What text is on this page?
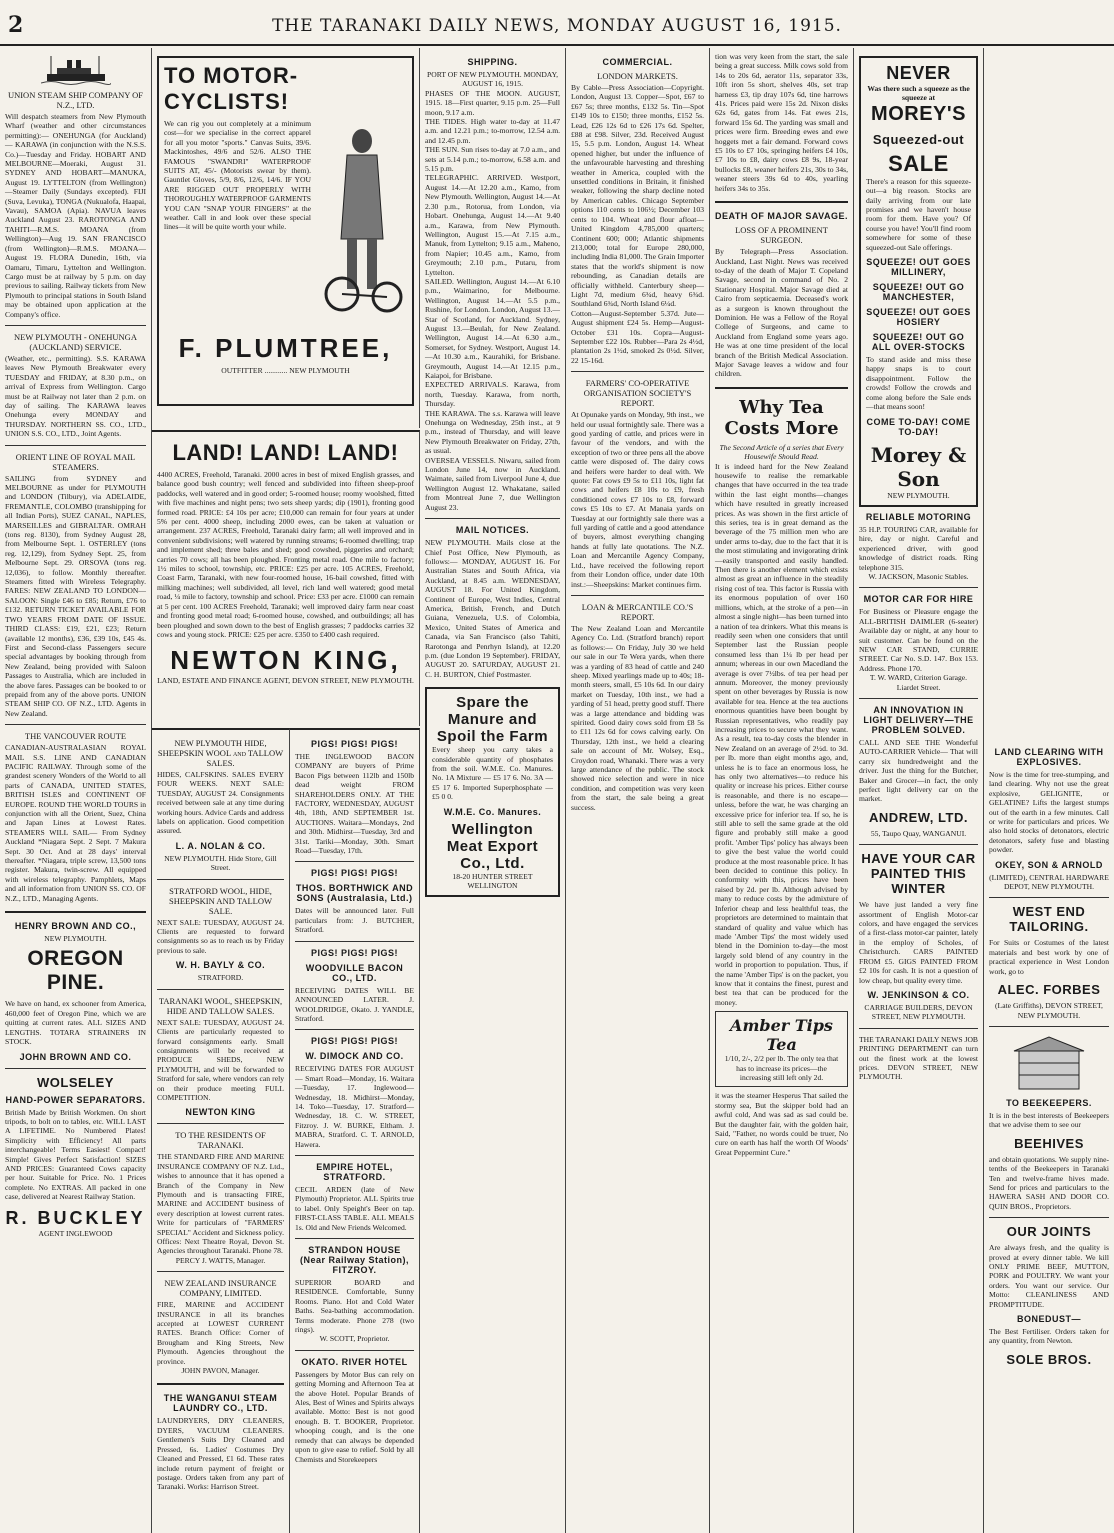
2	THE TARANAKI DAILY NEWS, MONDAY AUGUST 16, 1915.
UNION STEAM SHIP COMPANY OF N.Z., LTD.

Will despatch steamers from New Plymouth Wharf (weather and other circumstances permitting):— ONEHUNGA (for Auckland)— KARAWA (in conjunction with the N.S.S. Co.)—Tuesday and Friday. HOBART AND MELBOURNE—Moeraki, August 31. SYDNEY AND HOBART—MANUKA, August 19. LYTTELTON (from Wellington)—Steamer Daily (Sundays excepted). FIJI (Suva, Levuka), TONGA (Nukualofa, Haapai, Vavau), SAMOA (Apia). NAVUA leaves Auckland August 23. RAROTONGA AND TAHITI—R.M.S. MOANA (from Wellington)—Aug 19. SAN FRANCISCO (from Wellington)—R.M.S. MOANA—August 19. FLORA Dunedin, 16th, via Oamaru, Timaru, Lyttelton and Wellington. Cargo must be at railway by 5 p.m. on day previous to sailing. Railway tickets from New Plymouth to principal stations in South Island may be obtained upon application at the Company's office.

NEW PLYMOUTH - ONEHUNGA (AUCKLAND) SERVICE.

(Weather, etc., permitting). S.S. KARAWA leaves New Plymouth Breakwater every TUESDAY and FRIDAY, at 8.30 p.m., on arrival of Express from Wellington. Cargo must be at Railway not later than 2 p.m. on day of sailing. The KARAWA leaves Onehunga every MONDAY and THURSDAY. NORTHERN SS. CO., LTD., UNION S.S. CO., LTD., Joint Agents.

ORIENT LINE OF ROYAL MAIL STEAMERS.

SAILING from SYDNEY and MELBOURNE as under for PLYMOUTH and LONDON (Tilbury), via ADELAIDE, FREMANTLE, COLOMBO (transhipping for all Indian Ports), SUEZ CANAL, NAPLES, MARSEILLES and GIBRALTAR. OMRAH (tons reg. 8130), from Sydney August 28, from Melbourne Sept. 1. OSTERLEY (tons reg. 12,129), from Sydney Sept. 25, from Melbourne Sept. 29. ORSOVA (tons reg. 12,036), to follow. Monthly thereafter. Steamers fitted with Wireless Telegraphy. FARES: NEW ZEALAND TO LONDON—SALOON: Single £46 to £85; Return, £76 to £132. RETURN TICKET AVAILABLE FOR TWO YEARS FROM DATE OF ISSUE. THIRD CLASS: £19, £21, £23; Return (available 12 months), £36, £39 10s, £45 4s. First and Second-class Passengers secure special advantages by booking through from New Zealand, being provided with Saloon Passages to Australia, which are included in the above fares. Passages can be booked to or prepaid from any of the above ports. UNION STEAM SHIP CO. OF N.Z., LTD. Agents in New Zealand.

THE VANCOUVER ROUTE

CANADIAN-AUSTRALASIAN ROYAL MAIL S.S. LINE AND CANADIAN PACIFIC RAILWAY. Through some of the grandest scenery Wonders of the World to all parts of CANADA, UNITED STATES, BRITISH ISLES and CONTINENT OF EUROPE. ROUND THE WORLD TOURS in conjunction with all the Orient, Suez, China and Japan Lines at Lowest Rates. STEAMERS WILL SAIL— From Sydney Auckland *Niagara Sept. 2 Sept. 7 Makura Sept. 30 Oct. And at 28 days' interval thereafter. *Niagara, triple screw, 13,500 tons register. Makura, twin-screw. All equipped with wireless telegraphy. Pamphlets, Maps and all information from UNION SS. CO. OF N.Z., LTD., Managing Agents.

HENRY BROWN AND CO.,
NEW PLYMOUTH.
OREGON PINE.

We have on hand, ex schooner from America, 460,000 feet of Oregon Pine, which we are quitting at current rates. ALL SIZES AND LENGTHS. TOTARA STRAINERS IN STOCK.

JOHN BROWN AND CO.
WOLSELEY
HAND-POWER SEPARATORS.

British Made by British Workmen. On short tripods, to bolt on to tables, etc. WILL LAST A LIFETIME. No Numbered Plates! Simplicity with Efficiency! All parts interchangeable! Terms Easiest! Compact! Simple! Gives Perfect Satisfaction! SIZES AND PRICES: Guaranteed Cows capacity per hour. Suitable for Price. No. 1 Prices complete. No EXTRAS. All packed in one case, delivered at Nearest Railway Station.

R. BUCKLEY
AGENT INGLEWOOD
TO MOTOR-CYCLISTS!

We can rig you out completely at a minimum cost—for we specialise in the correct apparel for all you motor "sports." Canvas Suits, 39/6. Mackintoshes, 49/6 and 52/6. ALSO THE FAMOUS "SWANDRI" WATERPROOF SUITS AT, 45/- (Motorists swear by them). Gauntlet Gloves, 5/9, 8/6, 12/6, 14/6. IF YOU ARE RIGGED OUT PROPERLY WITH THOROUGHLY WATERPROOF GARMENTS YOU CAN "SNAP YOUR FINGERS" at the weather. Call in and look over these special lines—it will be quite worth your while.

F. PLUMTREE,
OUTFITTER ............ NEW PLYMOUTH
LAND! LAND! LAND!

4400 ACRES, Freehold, Taranaki. 2000 acres in best of mixed English grasses, and balance good bush country; well fenced and subdivided into fifteen sheep-proof paddocks, well watered and in good order; 5-roomed house; roomy woolshed, fitted with five machines and night pens; two sets sheep yards; dip (1901), fronting good formed road. PRICE: £4 10s per acre; £10,000 can remain for four years at under 5% per cent. 4000 sheep, including 2000 ewes, can be taken at valuation or arrangement. 237 ACRES, Freehold, Taranaki dairy farm; all well improved and in convenient subdivisions; well watered by running streams; 6-roomed dwelling; trap and implement shed; three bales and shed; good cowshed, piggeries and orchard; carries 70 cows; all has been ploughed. Fronting metal road. One mile to factory; 1½ miles to school, township, etc. PRICE: £25 per acre. 105 ACRES, Freehold, Coast Farm, Taranaki, with new four-roomed house, 16-bail cowshed, fitted with milking machines; well subdivided, all level, rich land well watered; good metal road, ¼ mile to factory, township and school. Price: £33 per acre. £1000 can remain at 5 per cent. 100 ACRES Freehold, Taranaki; well improved dairy farm near coast and fronting good metal road; 6-roomed house, cowshed, and outbuildings; all has been ploughed and sown down to the best of English grasses; 7 paddocks carries 32 cows and young stock. PRICE: £25 per acre. £350 to £400 cash required.

NEWTON KING,
LAND, ESTATE AND FINANCE AGENT, DEVON STREET, NEW PLYMOUTH.
NEW PLYMOUTH HIDE, SHEEPSKIN WOOL and TALLOW SALES.

HIDES, CALFSKINS. SALES EVERY FOUR WEEKS. NEXT SALE: TUESDAY, AUGUST 24. Consignments received between sale at any time during working hours. Advice Cards and address labels on application. Good competition assured.

L. A. NOLAN & CO.
NEW PLYMOUTH. Hide Store, Gill Street.
STRATFORD WOOL, HIDE, SHEEPSKIN AND TALLOW SALE.

NEXT SALE: TUESDAY, AUGUST 24. Clients are requested to forward consignments so as to reach us by Friday previous to sale.

W. H. BAYLY & CO.
STRATFORD.
TARANAKI WOOL, SHEEPSKIN, HIDE AND TALLOW SALES.

NEXT SALE: TUESDAY, AUGUST 24. Clients are particularly requested to forward consignments early. Small consignments will be received at PRODUCE SHEDS, NEW PLYMOUTH, and will be forwarded to Stratford for sale, where vendors can rely on their produce meeting FULL COMPETITION.

NEWTON KING
TO THE RESIDENTS OF TARANAKI.

THE STANDARD FIRE AND MARINE INSURANCE COMPANY OF N.Z. Ltd., wishes to announce that it has opened a Branch of the Company in New Plymouth and is transacting FIRE, MARINE and ACCIDENT business of every description at lowest current rates. Write for particulars of "FARMERS' SPECIAL" Accident and Sickness policy. Offices: Next Theatre Royal, Devon St. Agencies throughout Taranaki. Phone 78.

PERCY J. WATTS, Manager.
NEW ZEALAND INSURANCE COMPANY, LIMITED.

FIRE, MARINE and ACCIDENT INSURANCE in all its branches accepted at LOWEST CURRENT RATES. Branch Office: Corner of Brougham and King Streets, New Plymouth. Agencies throughout the province.

JOHN PAVON, Manager.
THE WANGANUI STEAM LAUNDRY CO., LTD.

LAUNDRYERS, DRY CLEANERS, DYERS, VACUUM CLEANERS. Gentlemen's Suits Dry Cleaned and Pressed, 6s. Ladies' Costumes Dry Cleaned and Pressed, £1 6d. These rates include return payment of freight or postage. Orders taken from any part of Taranaki. Works: Harrison Street.

PIGS! PIGS! PIGS!

THE INGLEWOOD BACON COMPANY are buyers of Prime Bacon Pigs between 112lb and 150lb dead weight FROM SHAREHOLDERS ONLY. AT THE FACTORY, WEDNESDAY, AUGUST 4th, 18th, AND SEPTEMBER 1st. AUCTIONS. Waitara—Mondays, 2nd and 30th. Midhirst—Tuesday, 3rd and 31st. Tariki—Monday, 30th. Smart Road—Tuesday, 17th.

PIGS! PIGS! PIGS!
THOS. BORTHWICK AND SONS (Australasia, Ltd.)

Dates will be announced later. Full particulars from: J. BUTCHER, Stratford.

PIGS! PIGS! PIGS!
WOODVILLE BACON CO., LTD.

RECEIVING DATES WILL BE ANNOUNCED LATER. J. WOOLDRIDGE, Okato. J. YANDLE, Stratford.

PIGS! PIGS! PIGS!
W. DIMOCK AND CO.

RECEIVING DATES FOR AUGUST— Smart Road—Monday, 16. Waitara—Tuesday, 17. Inglewood—Wednesday, 18. Midhirst—Monday, 14. Toko—Tuesday, 17. Stratford—Wednesday, 18. C. W. STREET, Fitzroy. J. W. BURKE, Eltham. J. MABRA, Stratford. C. T. ARNOLD, Hawera.

EMPIRE HOTEL, STRATFORD.

CECIL ARDEN (late of New Plymouth) Proprietor. ALL Spirits true to label. Only Speight's Beer on tap. FIRST-CLASS TABLE. ALL MEALS 1s. Old and New Friends Welcomed.

STRANDON HOUSE (Near Railway Station), FITZROY.

SUPERIOR BOARD and RESIDENCE. Comfortable, Sunny Rooms. Piano. Hot and Cold Water Baths. Sea-bathing accommodation. Terms moderate. Phone 278 (two rings).

W. SCOTT, Proprietor.
OKATO. RIVER HOTEL

Passengers by Motor Bus can rely on getting Morning and Afternoon Tea at the above Hotel. Popular Brands of Ales, Best of Wines and Spirits always available. Motto: Best is not good enough. B. T. BOOKER, Proprietor. whooping cough, and is the one remedy that can always be depended upon to give ease to relief. Sold by all Chemists and Storekeepers

SHIPPING.

PORT OF NEW PLYMOUTH. MONDAY, AUGUST 16, 1915.

PHASES OF THE MOON. AUGUST, 1915. 18—First quarter, 9.15 p.m. 25—Full moon, 9.17 a.m.

THE TIDES. High water to-day at 11.47 a.m. and 12.21 p.m.; to-morrow, 12.54 a.m. and 12.45 p.m.

THE SUN. Sun rises to-day at 7.0 a.m., and sets at 5.14 p.m.; to-morrow, 6.58 a.m. and 5.15 p.m.

TELEGRAPHIC. ARRIVED. Westport, August 14.—At 12.20 a.m., Kamo, from New Plymouth. Wellington, August 14.—At 2.30 p.m., Rotorua, from London, via Hobart. Onehunga, August 14.—At 9.40 a.m., Karawa, from New Plymouth. Wellington, August 15.—At 7.15 a.m., Manuk, from Lyttelton; 9.15 a.m., Maheno, from Napier; 10.45 a.m., Kamo, from Greymouth; 2.10 p.m., Putaru, from Lyttelton.

SAILED. Wellington, August 14.—At 6.10 p.m., Waimarino, for Melbourne. Wellington, August 14.—At 5.5 p.m., Rushine, for London. London, August 13.—Star of Scotland, for Auckland. Sydney, August 13.—Beulah, for New Zealand. Wellington, August 14.—At 6.30 a.m., Somerset, for Sydney. Westport, August 14.—At 10.30 a.m., Kaurahiki, for Brisbane. Greymouth, August 14.—At 12.15 p.m., Kaiapoi, for Brisbane.

EXPECTED ARRIVALS. Karawa, from north, Tuesday. Karawa, from north, Thursday.

THE KARAWA. The s.s. Karawa will leave Onehunga on Wednesday, 25th inst., at 9 p.m., instead of Thursday, and will leave New Plymouth Breakwater on Friday, 27th, as usual.

OVERSEA VESSELS. Niwaru, sailed from London June 14, now in Auckland. Waimate, sailed from Liverpool June 4, due Wellington August 12. Whakatane, sailed from Montreal June 7, due Wellington August 23.

MAIL NOTICES.

NEW PLYMOUTH. Mails close at the Chief Post Office, New Plymouth, as follows:— MONDAY, AUGUST 16. For Australian States and South Africa, via Auckland, at 8.45 a.m. WEDNESDAY, AUGUST 18. For United Kingdom, Continent of Europe, West Indies, Central America, British, French, and Dutch Guiana, Venezuela, U.S. of Colombia, Mexico, United States of America and Canada, via San Francisco (also Tahiti, Rarotonga and Penrhyn Island), at 12.20 p.m. (due London 19 September). FRIDAY, AUGUST 20. SATURDAY, AUGUST 21. C. H. BURTON, Chief Postmaster.

Spare the Manure and Spoil the Farm

Every sheep you carry takes a considerable quantity of phosphates from the soil. W.M.E. Co. Manures. No. 1A Mixture — £5 17 6. No. 3A — £5 17 6. Imported Superphosphate — £5 0 0.

W.M.E. Co. Manures.
Wellington Meat Export Co., Ltd.
18-20 HUNTER STREET WELLINGTON
COMMERCIAL.
LONDON MARKETS.

By Cable—Press Association—Copyright. London, August 13. Copper—Spot, £67 to £67 5s; three months, £132 5s. Tin—Spot £149 10s to £150; three months, £152 5s. Lead, £26 12s 6d to £26 17s 6d. Spelter, £88 at £98. Silver, 23d. Received August 15, 5.5 p.m. London, August 14. Wheat opened higher, but under the influence of the unfavourable harvesting and threshing weather in America, coupled with the unsettled conditions in Britain, it finished weaker, following the sharp decline noted by American cables. Chicago September options 110 cents to 106½; December 103 cents to 104. Wheat and flour afloat—United Kingdom 4,785,000 quarters; Continent 600; 000; Atlantic shipments 213,000; total for Europe 280,000, including India 81,000. The Grain Importer states that the world's shipment is now rebounding, as Canadian details are officially withheld. Canterbury sheep—Light 7d, medium 6¾d, heavy 6¾d. Southland 6¾d, North Island 6¼d.

Cotton—August-September 5.37d. Jute—August shipment £24 5s. Hemp—August-October £31 10s. Copra—August-September £22 10s. Rubber—Para 2s 4½d, plantation 2s 1½d, smoked 2s 0½d. Silver, 22 15-16d.

FARMERS' CO-OPERATIVE ORGANISATION SOCIETY'S REPORT.

At Opunake yards on Monday, 9th inst., we held our usual fortnightly sale. There was a good yarding of cattle, and prices were in favour of the vendors, and with the exception of two or three pens all the above cattle were disposed of. The dairy cows and heifers were harder to deal with. We quote: Fat cows £9 5s to £11 10s, light fat cows and heifers £8 10s to £9, fresh conditioned cows £7 10s to £8, forward cows £5 10s to £7. At Manaia yards on Tuesday at our fortnightly sale there was a full yarding of cattle and a good attendance of buyers, almost everything changing hands at fully late quotations. The N.Z. Loan and Mercantile Agency Company, Ltd., have received the following report from their London office, under date 10th inst.:—Sheepskins: Market continues firm.

LOAN & MERCANTILE CO.'S REPORT.

The New Zealand Loan and Mercantile Agency Co. Ltd. (Stratford branch) report as follows:— On Friday, July 30 we held our sale in our Te Wera yards, when there was a yarding of 83 head of cattle and 240 sheep. Mixed yearlings made up to 40s; 18-month steers, small, £5 10s 6d. In our dairy market on Tuesday, 10th inst., we had a yarding of 51 head, pretty good stuff. There was a large attendance and bidding was spirited. Good dairy cows sold from £8 5s to £11 12s 6d for cows calving early. On Thursday, 12th inst., we held a clearing sale on account of Mr. Wolsey, Esq., Croydon road, Whanaki. There was a very large attendance of the public. The stock showed nice selection and were in nice condition, and competition was very keen from the start, the sale being a great success.

tion was very keen from the start, the sale being a great success. Milk cows sold from 14s to 20s 6d, aerator 11s, separator 33s, 10ft iron 5s short, shelves 40s, set trap harness £3, tip dray 107s 6d, tine harrows 41s. Prices paid were 15s 2d. Nixon disks 62s 6d, gates from 14s. Fat ewes 21s, forward 15s 6d. The yarding was small and prices were firm. Breeding ewes and ewe hoggets met a fair demand. Forward cows £5 10s to £7 10s, springing heifers £4 10s, £7 10s to £8, dairy cows £8 9s, 18-year bullocks £8, weaner heifers 21s, 30s to 34s, weaner steers 39s 6d to 40s, yearling heifers 34s to 35s.

DEATH OF MAJOR SAVAGE.
LOSS OF A PROMINENT SURGEON.

By Telegraph—Press Association. Auckland, Last Night. News was received to-day of the death of Major T. Copeland Savage, second in command of No. 2 Stationary Hospital. Major Savage died at Cairo from septicaemia. Deceased's work as a surgeon is known throughout the Dominion. He was a Fellow of the Royal College of Surgeons, and came to Auckland from England some years ago. He was at one time president of the local branch of the British Medical Association. Major Savage leaves a widow and four children.

Why Tea Costs More

The Second Article of a series that Every Housewife Should Read.

It is indeed hard for the New Zealand housewife to realise the remarkable changes that have occurred in the tea trade within the last eight months—changes which have resulted in greatly increased prices. As was shown in the first article of this series, tea is in great demand as the beverage of the 75 million men who are under arms to-day, due to the fact that it is the most stimulating and invigorating drink—easily transported and easily handled. Then there is another element which exists almost as great an influence in the steadily rising cost of tea. This factor is Russia with its enormous population of over 160 millions, which, at the stroke of a pen—in almost a single night—has been turned into a nation of tea drinkers. What this means is readily seen when one considers that until September last the Russian people consumed less than 1¼ lb per head per annum; whereas in our own Macedland the average is over 7½lbs. of tea per head per annum. Moreover, the money previously spent on other beverages by Russia is now available for tea. Hence at the tea auctions enormous quantities have been bought by Russian representatives, who readily pay increasing prices to secure what they want. As a result, tea to-day costs the blender in New Zealand on an average of 2½d. to 3d. per lb. more than eight months ago, and, unless he is to face an enormous loss, he has only two alternatives—to reduce his quality or increase his prices. Either course is reasonable, and there is no escape—unless, before the war, he was charging an excessive price for inferior tea. If so, he is still able to sell the same grade at the old figure and probably still make a good profit. 'Amber Tips' policy has always been to give the best value the world could produce at the most reasonable price. It has been decided to continue this policy. In conformity with this, prices have been raised by 2d. per lb. Although advised by many to reduce costs by the admixture of Inferior cheap and less healthful teas, the proprietors are determined to maintain that standard of quality and value which has made 'Amber Tips' the most widely used blend in the Dominion to-day—the most largely sold blend of any country in the world in proportion to population. Thus, if the name 'Amber Tips' is on the packet, you know that it contains the finest, purest and best tea that can be produced for the money.

Amber Tips Tea

1/10, 2/-, 2/2 per lb. The only tea that has to increase its prices—the increasing still left only 2d.

it was the steamer Hesperus That sailed the stormy sea, But the skipper bold had an awful cold, And was sad as sad could be. But the daughter fair, with the golden hair, Said, "Father, no words could be truer, No cure on earth has half the worth Of Woods' Great Peppermint Cure."

NEVER
Was there such a squeeze as the squeeze at
MOREY'S
Squeezed-out
SALE

There's a reason for this squeeze-out—a big reason. Stocks are daily arriving from our late promises and we haven't house room for them. Have you? Of course you have! You'll find room somewhere for some of these squeezed-out Sale offerings.

SQUEEZE! OUT GOES MILLINERY,
SQUEEZE! OUT GO MANCHESTER,
SQUEEZE! OUT GOES HOSIERY
SQUEEZE! OUT GO ALL OVER-STOCKS

To stand aside and miss these happy snaps is to court disappointment. Follow the crowds! Follow the crowds and come along before the Sale ends—that means soon!

COME TO-DAY! COME TO-DAY!
Morey & Son
NEW PLYMOUTH.
RELIABLE MOTORING

35 H.P. TOURING CAR, available for hire, day or night. Careful and experienced driver, with good knowledge of district roads. Ring telephone 315.

W. JACKSON, Masonic Stables.
MOTOR CAR FOR HIRE

For Business or Pleasure engage the ALL-BRITISH DAIMLER (6-seater) Available day or night, at any hour to suit customer. Can be found on the NEW CAR STAND, CURRIE STREET. Car No. S.D. 147. Box 153. Address. Phone 170.

T. W. WARD, Criterion Garage. Liardet Street.
AN INNOVATION IN LIGHT DELIVERY—THE PROBLEM SOLVED.

CALL AND SEE THE Wonderful AUTO-CARRIER Vehicle— That will carry six hundredweight and the driver. Just the thing for the Butcher, Baker and Grocer—in fact, the only perfect light delivery car on the market.

ANDREW, LTD.
55, Taupo Quay, WANGANUI.
HAVE YOUR CAR PAINTED THIS WINTER

We have just landed a very fine assortment of English Motor-car colors, and have engaged the services of a first-class motor-car painter, lately in the employ of Scholes, of Christchurch. CARS PAINTED FROM £5. GIGS PAINTED FROM £2 10s for cash. It is not a question of low cheap, but quality every time.

W. JENKINSON & CO.
CARRIAGE BUILDERS, DEVON STREET, NEW PLYMOUTH.

THE TARANAKI DAILY NEWS JOB PRINTING DEPARTMENT can turn out the finest work at the lowest prices. DEVON STREET, NEW PLYMOUTH.

LAND CLEARING WITH EXPLOSIVES.

Now is the time for tree-stumping, and land clearing. Why not use the great explosive, GELIGNITE, or GELATINE? Lifts the largest stumps out of the earth in a few minutes. Call or write for particulars and prices. We also hold stocks of detonators, electric detonators, safety fuse and blasting powder.

OKEY, SON & ARNOLD
(LIMITED), CENTRAL HARDWARE DEPOT, NEW PLYMOUTH.
WEST END TAILORING.

For Suits or Costumes of the latest materials and best work by one of practical experience in West London work, go to

ALEC. FORBES
(Late Griffiths), DEVON STREET, NEW PLYMOUTH.
TO BEEKEEPERS.

It is in the best interests of Beekeepers that we advise them to see our

BEEHIVES

and obtain quotations. We supply nine-tenths of the Beekeepers in Taranaki Ten and twelve-frame hives made. Send for prices and particulars to the HAWERA SASH AND DOOR CO. QUIN BROS., Proprietors.

OUR JOINTS

Are always fresh, and the quality is proved at every dinner table. We kill ONLY PRIME BEEF, MUTTON, PORK and POULTRY. We want your orders. You want our service. Our Motto: CLEANLINESS AND PROMPTITUDE.

BONEDUST—

The Best Fertiliser. Orders taken for any quantity, from Newton.

SOLE BROS.
